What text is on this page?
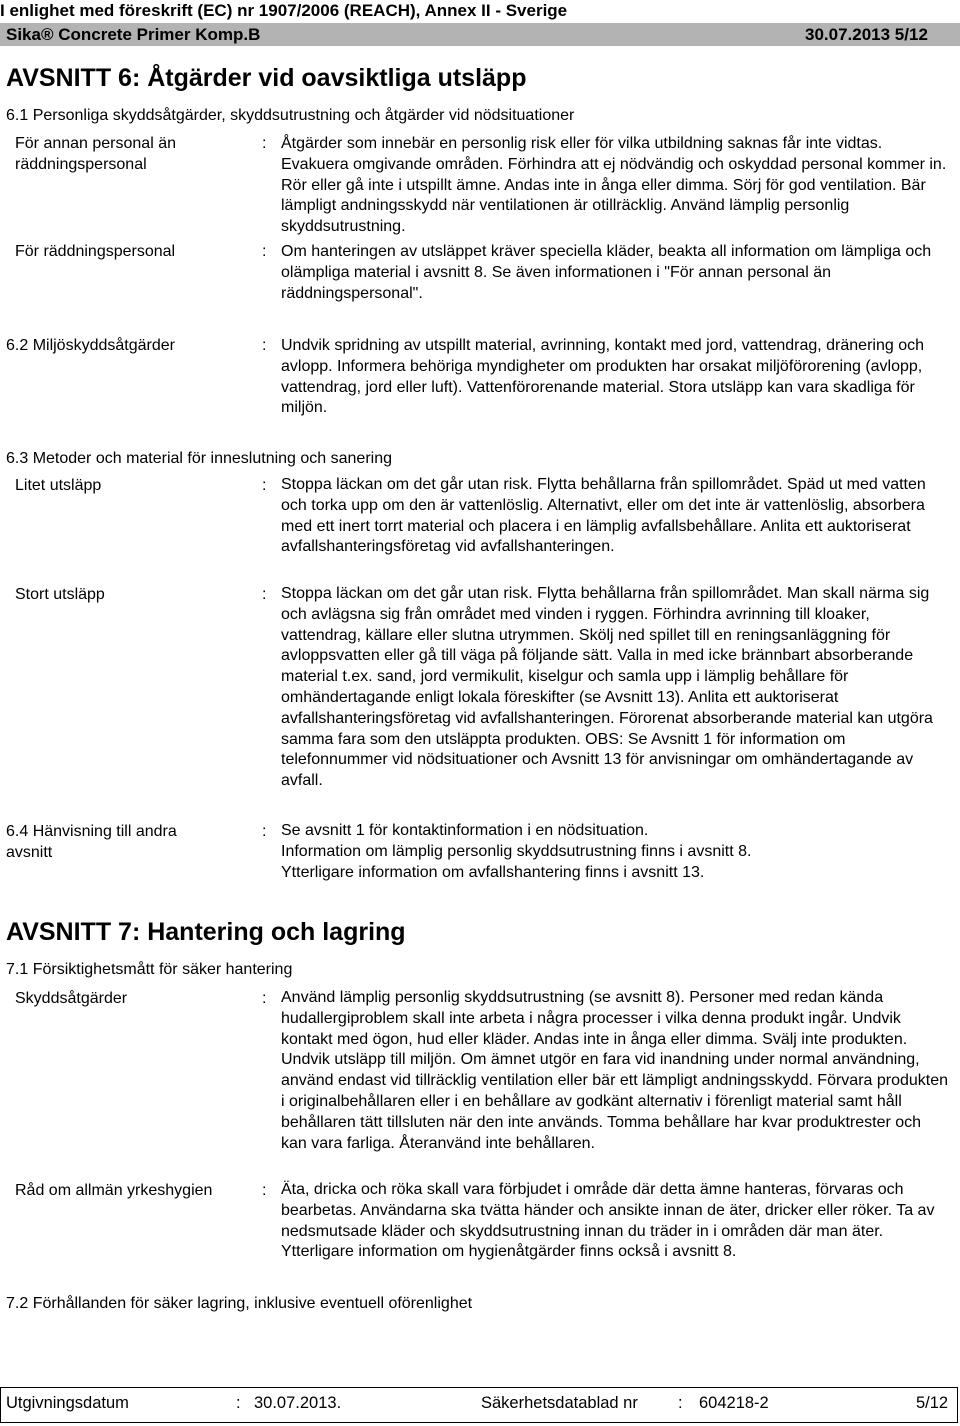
I enlighet med föreskrift (EC) nr 1907/2006 (REACH), Annex II - Sverige
Sika® Concrete Primer Komp.B	30.07.2013 5/12
AVSNITT 6: Åtgärder vid oavsiktliga utsläpp
6.1 Personliga skyddsåtgärder, skyddsutrustning och åtgärder vid nödsituationer
För annan personal än räddningspersonal
: Åtgärder som innebär en personlig risk eller för vilka utbildning saknas får inte vidtas. Evakuera omgivande områden. Förhindra att ej nödvändig och oskyddad personal kommer in. Rör eller gå inte i utspillt ämne. Andas inte in ånga eller dimma. Sörj för god ventilation. Bär lämpligt andningsskydd när ventilationen är otillräcklig. Använd lämplig personlig skyddsutrustning.
För räddningspersonal	: Om hanteringen av utsläppet kräver speciella kläder, beakta all information om lämpliga och olämpliga material i avsnitt 8. Se även informationen i "För annan personal än räddningspersonal".
6.2 Miljöskyddsåtgärder	: Undvik spridning av utspillt material, avrinning, kontakt med jord, vattendrag, dränering och avlopp. Informera behöriga myndigheter om produkten har orsakat miljöförorening (avlopp, vattendrag, jord eller luft). Vattenförorenande material. Stora utsläpp kan vara skadliga för miljön.
6.3 Metoder och material för inneslutning och sanering
Litet utsläpp	: Stoppa läckan om det går utan risk. Flytta behållarna från spillområdet. Späd ut med vatten och torka upp om den är vattenlöslig. Alternativt, eller om det inte är vattenlöslig, absorbera med ett inert torrt material och placera i en lämplig avfallsbehållare. Anlita ett auktoriserat avfallshanteringsföretag vid avfallshanteringen.
Stort utsläpp	: Stoppa läckan om det går utan risk. Flytta behållarna från spillområdet. Man skall närma sig och avlägsna sig från området med vinden i ryggen. Förhindra avrinning till kloaker, vattendrag, källare eller slutna utrymmen. Skölj ned spillet till en reningsanläggning för avloppsvatten eller gå till väga på följande sätt. Valla in med icke brännbart absorberande material t.ex. sand, jord vermikulit, kiselgur och samla upp i lämplig behållare för omhändertagande enligt lokala föreskifter (se Avsnitt 13). Anlita ett auktoriserat avfallshanteringsföretag vid avfallshanteringen. Förorenat absorberande material kan utgöra samma fara som den utsläppta produkten. OBS: Se Avsnitt 1 för information om telefonnummer vid nödsituationer och Avsnitt 13 för anvisningar om omhändertagande av avfall.
6.4 Hänvisning till andra avsnitt
: Se avsnitt 1 för kontaktinformation i en nödsituation.
Information om lämplig personlig skyddsutrustning finns i avsnitt 8.
Ytterligare information om avfallshantering finns i avsnitt 13.
AVSNITT 7: Hantering och lagring
7.1 Försiktighetsmått för säker hantering
Skyddsåtgärder	: Använd lämplig personlig skyddsutrustning (se avsnitt 8). Personer med redan kända hudallergiproblem skall inte arbeta i några processer i vilka denna produkt ingår. Undvik kontakt med ögon, hud eller kläder. Andas inte in ånga eller dimma. Svälj inte produkten. Undvik utsläpp till miljön. Om ämnet utgör en fara vid inandning under normal användning, använd endast vid tillräcklig ventilation eller bär ett lämpligt andningsskydd. Förvara produkten i originalbehållaren eller i en behållare av godkänt alternativ i förenligt material samt håll behållaren tätt tillsluten när den inte används. Tomma behållare har kvar produktrester och kan vara farliga. Återanvänd inte behållaren.
Råd om allmän yrkeshygien	: Äta, dricka och röka skall vara förbjudet i område där detta ämne hanteras, förvaras och bearbetas. Användarna ska tvätta händer och ansikte innan de äter, dricker eller röker. Ta av nedsmutsade kläder och skyddsutrustning innan du träder in i områden där man äter. Ytterligare information om hygienåtgärder finns också i avsnitt 8.
7.2 Förhållanden för säker lagring, inklusive eventuell oförenlighet
Utgivningsdatum	: 30.07.2013.	Säkerhetsdatablad nr : 604218-2	5/12
